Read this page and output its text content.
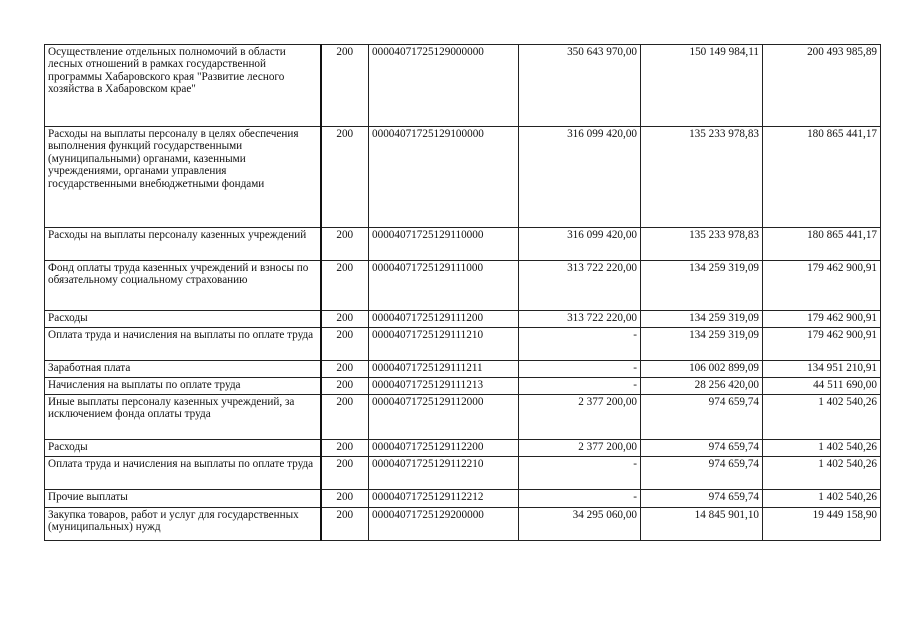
Осуществление отдельных полномочий в области лесных отношений в рамках государственной программы Хабаровского края "Развитие лесного хозяйства в Хабаровском крае"	200	00004071725129000000	350 643 970,00	150 149 984,11	200 493 985,89
Расходы на выплаты персоналу в целях обеспечения выполнения функций государственными (муниципальными) органами, казенными учреждениями, органами управления государственными внебюджетными фондами	200	00004071725129100000	316 099 420,00	135 233 978,83	180 865 441,17
Расходы на выплаты персоналу казенных учреждений	200	00004071725129110000	316 099 420,00	135 233 978,83	180 865 441,17
Фонд оплаты труда казенных учреждений и взносы по обязательному социальному страхованию	200	00004071725129111000	313 722 220,00	134 259 319,09	179 462 900,91
Расходы	200	00004071725129111200	313 722 220,00	134 259 319,09	179 462 900,91
Оплата труда и начисления на выплаты по оплате труда	200	00004071725129111210	-	134 259 319,09	179 462 900,91
Заработная плата	200	00004071725129111211	-	106 002 899,09	134 951 210,91
Начисления на выплаты по оплате труда	200	00004071725129111213	-	28 256 420,00	44 511 690,00
Иные выплаты персоналу казенных учреждений, за исключением фонда оплаты труда	200	00004071725129112000	2 377 200,00	974 659,74	1 402 540,26
Расходы	200	00004071725129112200	2 377 200,00	974 659,74	1 402 540,26
Оплата труда и начисления на выплаты по оплате труда	200	00004071725129112210	-	974 659,74	1 402 540,26
Прочие выплаты	200	00004071725129112212	-	974 659,74	1 402 540,26
Закупка товаров, работ и услуг для государственных (муниципальных) нужд	200	00004071725129200000	34 295 060,00	14 845 901,10	19 449 158,90
